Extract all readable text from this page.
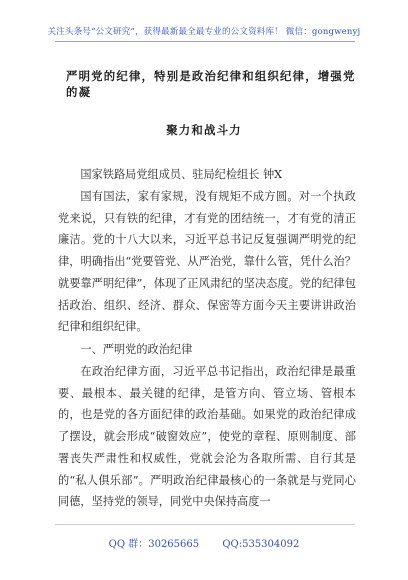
关注头条号“公文研究”，获得最新最全最专业的公文资料库！ 微信：gongwenyj
严明党的纪律，特别是政治纪律和组织纪律，增强党的凝
聚力和战斗力
国家铁路局党组成员、驻局纪检组长 钟X
国有国法，家有家规，没有规矩不成方圆。对一个执政党来说，只有铁的纪律，才有党的团结统一，才有党的清正廉洁。党的十八大以来，习近平总书记反复强调严明党的纪律，明确指出“党要管党、从严治党，靠什么管，凭什么治？就要靠严明纪律”，体现了正风肃纪的坚决态度。党的纪律包括政治、组织、经济、群众、保密等方面今天主要讲讲政治纪律和组织纪律。
一、严明党的政治纪律
在政治纪律方面，习近平总书记指出，政治纪律是最重要、最根本、最关键的纪律，是管方向、管立场、管根本的，也是党的各方面纪律的政治基础。如果党的政治纪律成了摆设，就会形成“破窗效应”，使党的章程、原则制度、部署丧失严肃性和权威性，党就会沦为各取所需、自行其是的“私人俱乐部”。严明政治纪律最核心的一条就是与党同心同德，坚持党的领导，同党中央保持高度一
QQ 群：30265665 QQ:535304092
